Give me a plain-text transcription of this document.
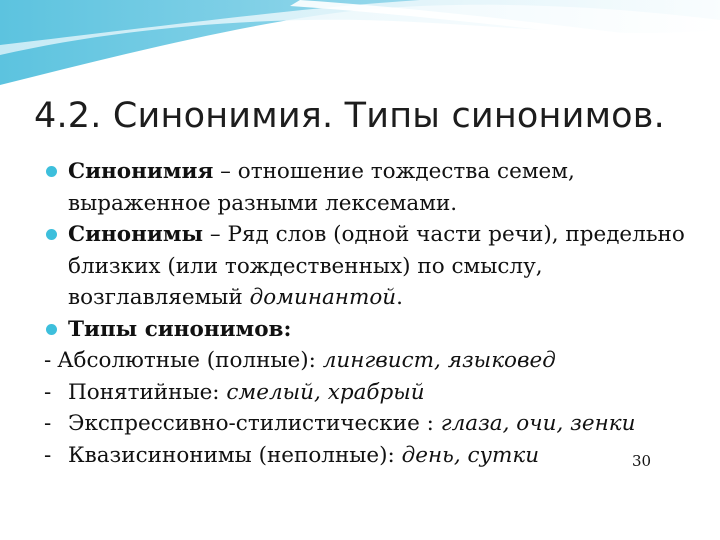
4.2. Синонимия. Типы синонимов.
Синонимия – отношение тождества семем, выраженное разными лексемами.
Синонимы – Ряд слов (одной части речи), предельно близких (или тождественных) по смыслу, возглавляемый доминантой.
Типы синонимов:
- Абсолютные (полные): лингвист, языковед
- Понятийные: смелый, храбрый
- Экспрессивно-стилистические : глаза, очи, зенки
- Квазисинонимы (неполные): день, сутки	30
